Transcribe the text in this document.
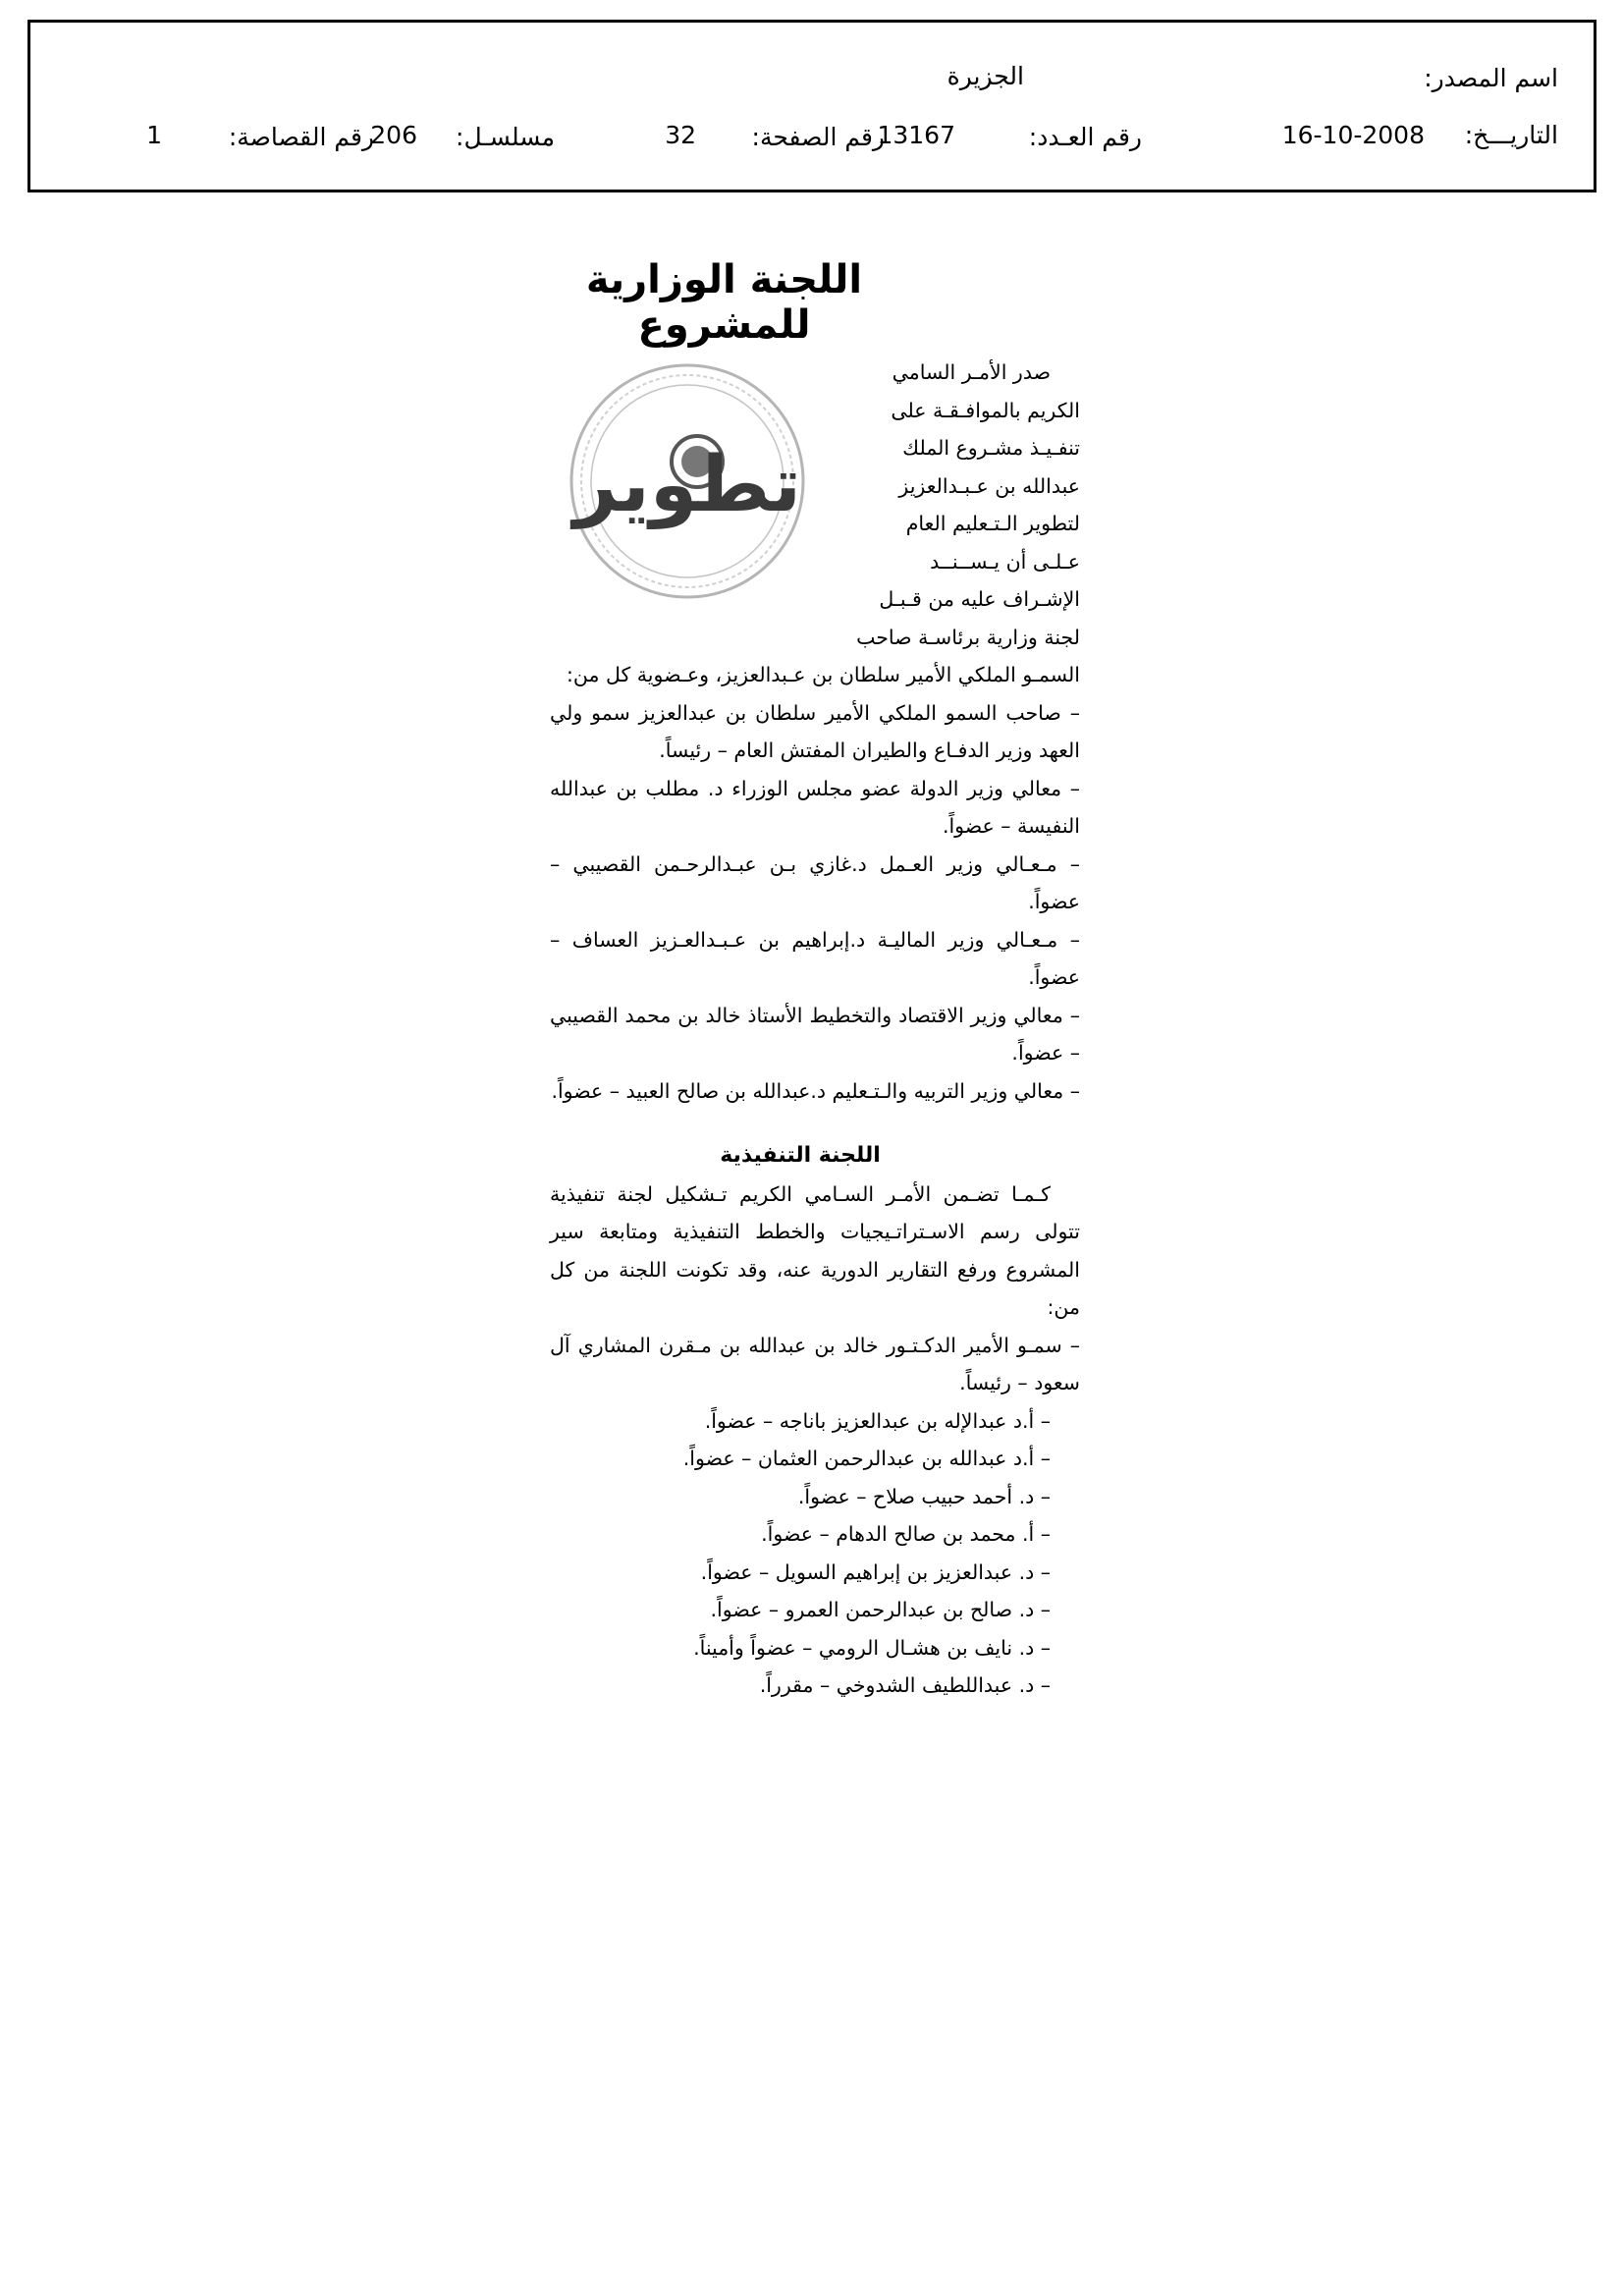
اسم المصدر:
الجزيرة
التاريـــخ:
16-10-2008
رقم العـدد:
13167
رقم الصفحة:
32
مسلسـل:
206
رقم القصاصة:
1
اللجنة الوزارية للمشروع
تطوير

صدر الأمـر السامي

الكريم بالموافـقـة على

تنفـيـذ مشـروع الملك

عبدالله بن عـبـدالعزيز

لتطوير الـتـعليم العام

عـلـى أن يـســنــد

الإشـراف عليه من قـبـل

لجنة وزارية برئاسـة صاحب

السمـو الملكي الأمير سلطان بن عـبدالعزيز، وعـضوية كل من:

– صاحب السمو الملكي الأمير سلطان بن عبدالعزيز سمو ولي العهد وزير الدفـاع والطيران المفتش العام – رئيساً.

– معالي وزير الدولة عضو مجلس الوزراء د. مطلب بن عبدالله النفيسة – عضواً.

– مـعـالي وزير العـمل د.غازي بـن عبـدالرحـمن القصيبي – عضواً.

– مـعـالي وزير الماليـة د.إبراهيم بن عـبـدالعـزيز العساف – عضواً.

– معالي وزير الاقتصاد والتخطيط الأستاذ خالد بن محمد القصيبي – عضواً.

– معالي وزير التربيه والـتـعليم د.عبدالله بن صالح العبيد – عضواً.

اللجنة التنفيذية

كـمـا تضـمن الأمـر السـامي الكريم تـشكيل لجنة تنفيذية تتولى رسم الاسـتراتـيجيات والخطط التنفيذية ومتابعة سير المشروع ورفع التقارير الدورية عنه، وقد تكونت اللجنة من كل من:

– سمـو الأمير الدكـتـور خالد بن عبدالله بن مـقرن المشاري آل سعود – رئيساً.

– أ.د عبدالإله بن عبدالعزيز باناجه – عضواً.

– أ.د عبدالله بن عبدالرحمن العثمان – عضواً.

– د. أحمد حبيب صلاح – عضواً.

– أ. محمد بن صالح الدهام – عضواً.

– د. عبدالعزيز بن إبراهيم السويل – عضواً.

– د. صالح بن عبدالرحمن العمرو – عضواً.

– د. نايف بن هشـال الرومي – عضواً وأميناً.

– د. عبداللطيف الشدوخي – مقرراً.
